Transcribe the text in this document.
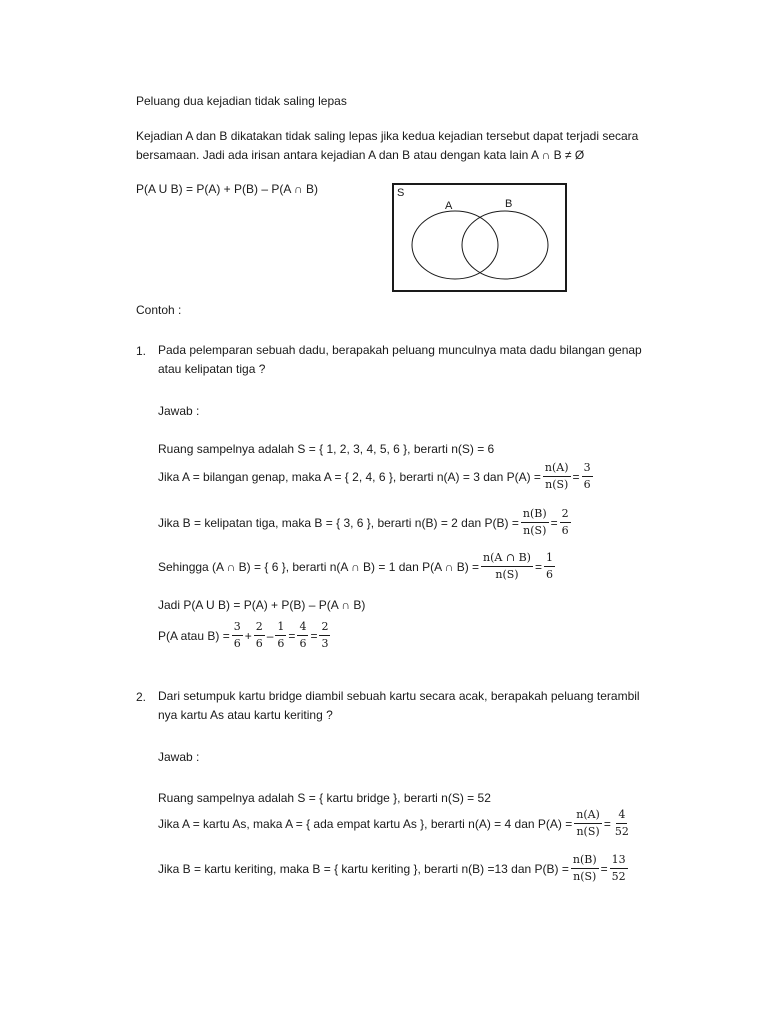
Peluang dua kejadian tidak saling lepas
Kejadian A dan B dikatakan tidak saling lepas jika kedua kejadian tersebut dapat terjadi secara bersamaan. Jadi ada irisan antara kejadian A dan B atau dengan kata lain A ∩ B ≠ Ø
P(A U B) = P(A) + P(B) – P(A ∩ B)	S
A	B
Contoh :
1. Pada pelemparan sebuah dadu, berapakah peluang munculnya mata dadu bilangan genap
atau kelipatan tiga ?
Jawab :
Ruang sampelnya adalah S = { 1, 2, 3, 4, 5, 6 }, berarti n(S) = 6
Jika A = bilangan genap, maka A = { 2, 4, 6 }, berarti n(A) = 3 dan $P(A) = \frac{n(A)}{n(S)} = \frac{3}{6}$
Jika B = kelipatan tiga, maka B = { 3, 6 }, berarti n(B) = 2 dan $P(B) = \frac{n(B)}{n(S)} = \frac{2}{6}$
Sehingga (A ∩ B) = { 6 }, berarti n(A ∩ B) = 1 dan P(A ∩ $B) = \frac{n(A \cap B)}{n(S)} = \frac{1}{6}$
Jadi P(A U B) = P(A) + P(B) – P(A ∩ B)
P(A atau $B) = \frac{3}{6} + \frac{2}{6} - \frac{1}{6} = \frac{4}{6} = \frac{2}{3}$
2. Dari setumpuk kartu bridge diambil sebuah kartu secara acak, berapakah peluang terambil
nya kartu As atau kartu keriting ?
Jawab :
Ruang sampelnya adalah S = { kartu bridge }, berarti n(S) = 52
Jika A = kartu As, maka A = { ada empat kartu As }, berarti n(A) = 4 dan $P(A) = \frac{n(A)}{n(S)} = \frac{4}{52}$
Jika B = kartu keriting, maka B = { kartu keriting }, berarti n(B) =13 dan $P(B) = \frac{n(B)}{n(S)} = \frac{13}{52}$
